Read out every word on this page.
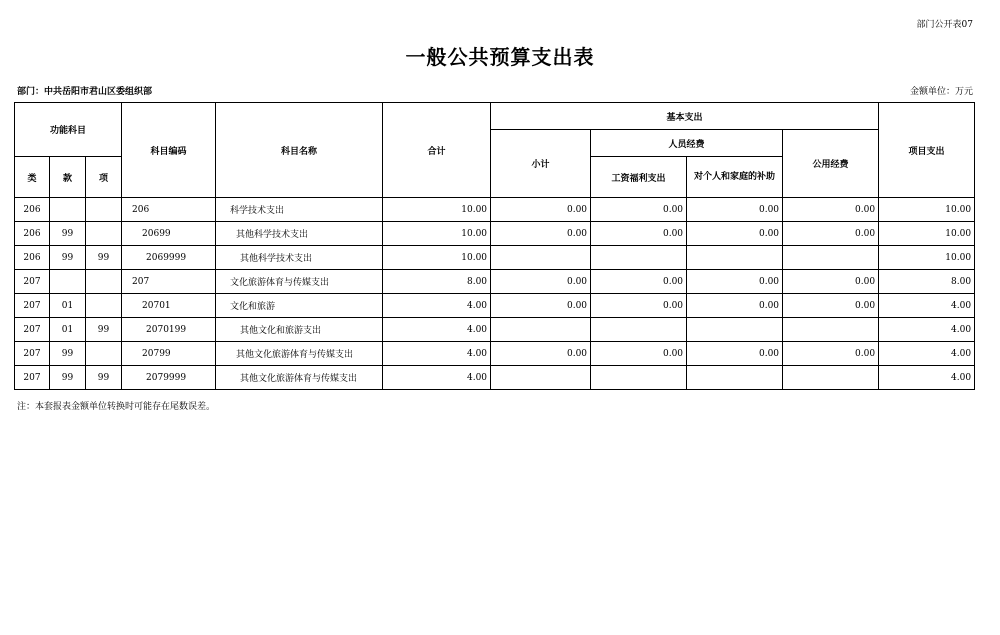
部门公开表07
一般公共预算支出表
部门：中共岳阳市君山区委组织部	金额单位：万元
功能科目			科目编码	科目名称	合计	基本支出				项目支出
						小计	人员经费		公用经费	
类	款	项					工资福利支出	对个人和家庭的补助		
206			206	科学技术支出	10.00	0.00	0.00	0.00	0.00	10.00
206	99		20699	其他科学技术支出	10.00	0.00	0.00	0.00	0.00	10.00
206	99	99	2069999	其他科学技术支出	10.00					10.00
207			207	文化旅游体育与传媒支出	8.00	0.00	0.00	0.00	0.00	8.00
207	01		20701	文化和旅游	4.00	0.00	0.00	0.00	0.00	4.00
207	01	99	2070199	其他文化和旅游支出	4.00					4.00
207	99		20799	其他文化旅游体育与传媒支出	4.00	0.00	0.00	0.00	0.00	4.00
207	99	99	2079999	其他文化旅游体育与传媒支出	4.00					4.00
注：本套报表金额单位转换时可能存在尾数误差。
